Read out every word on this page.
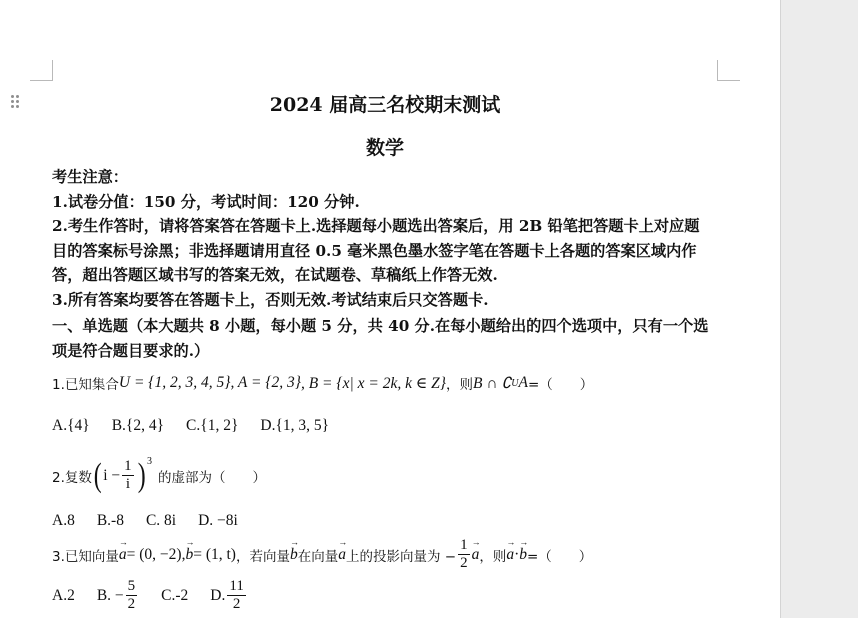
2024 届高三名校期末测试
数学
考生注意：
1.试卷分值：150 分，考试时间：120 分钟.
2.考生作答时，请将答案答在答题卡上.选择题每小题选出答案后，用 2B 铅笔把答题卡上对应题
目的答案标号涂黑；非选择题请用直径 0.5 毫米黑色墨水签字笔在答题卡上各题的答案区域内作
答，超出答题区域书写的答案无效，在试题卷、草稿纸上作答无效.
3.所有答案均要答在答题卡上，否则无效.考试结束后只交答题卡.
一、单选题（本大题共 8 小题，每小题 5 分，共 40 分.在每小题给出的四个选项中，只有一个选
项是符合题目要求的.）
1.已知集合 U = {1, 2, 3, 4, 5} , A = {2, 3} , B = {x| x = 2k, k ∈ Z} ，则 B ∩ ∁ U A =（　　）
A.{4} B.{2, 4} C.{1, 2} D.{1, 3, 5}
2.复数 ( $i - \frac{1}{i} )^3$
的虚部为（　　）
A.8 B.-8 C. 8i D. −8i
3.已知向量 a → = (0, −2), b → = (1, t) ，若向量 b → 在向量 a → 上的投影向量为 − $\frac{1}{2}$ a → ，则 a → · b → =（　　）
A.2 B. − $\frac{5}{2} C.-2$ D. $\frac{11}{2}$
